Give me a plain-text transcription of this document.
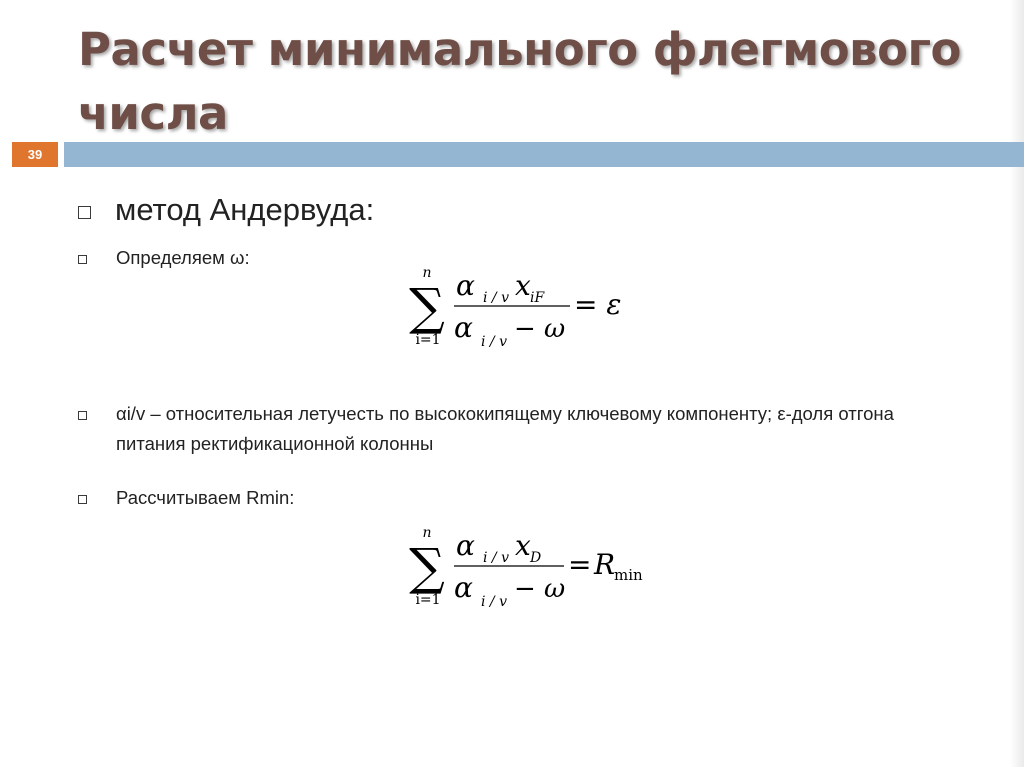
Расчет минимального флегмового числа
39
метод Андервуда:
Определяем ω:
n
∑
i=1
α i / v x iF
α i / v − ω
= ε
αi/v – относительная летучесть по высококипящему ключевому компоненту; ε-доля отгона питания ректификационной колонны
Рассчитываем Rmin:
n
∑
i=1
α i / v x D
α i / v − ω
= R
min
